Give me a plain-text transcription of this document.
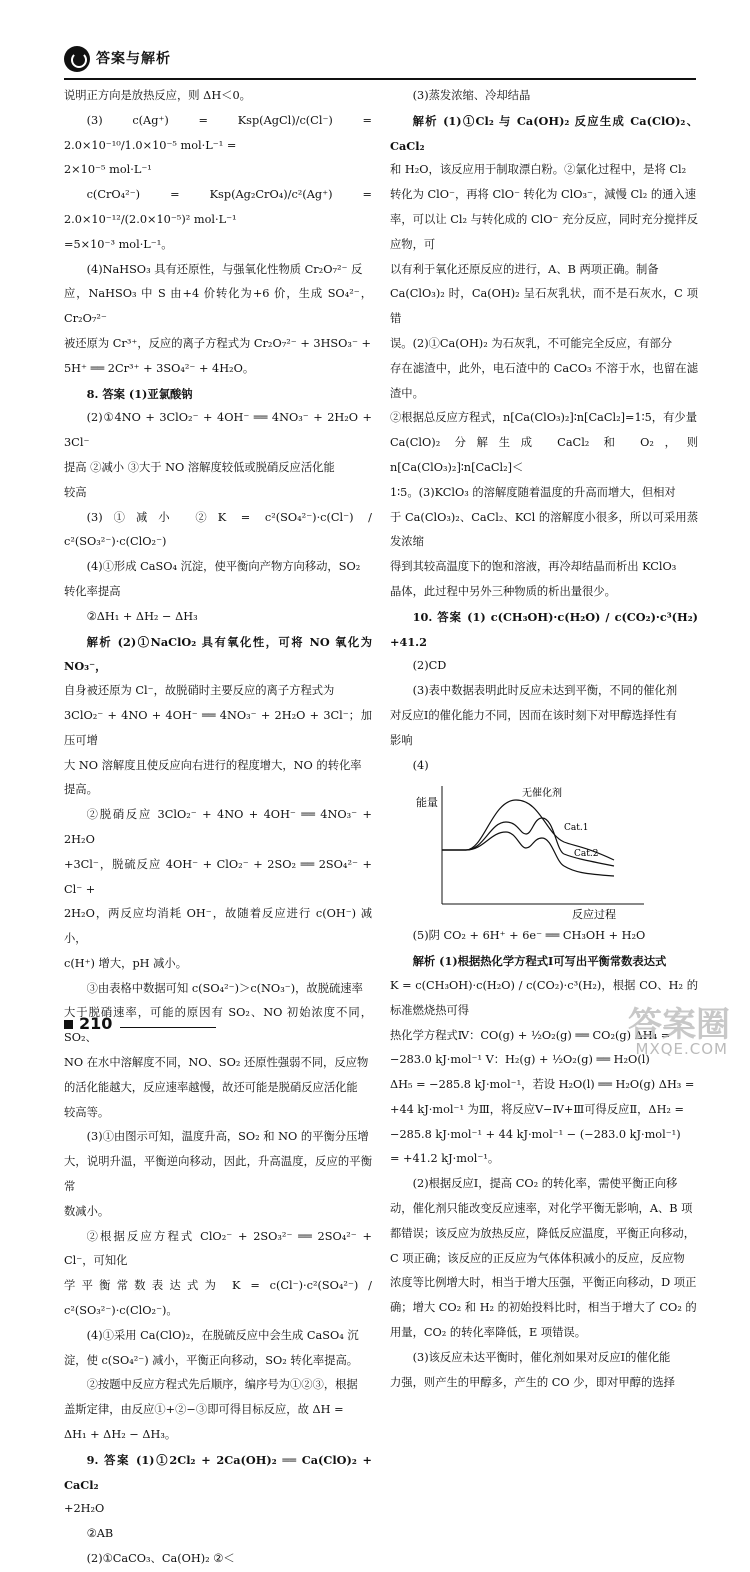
答案与解析

说明正方向是放热反应，则 ΔH＜0。

(3) c(Ag⁺) = Ksp(AgCl)/c(Cl⁻) = 2.0×10⁻¹⁰/1.0×10⁻⁵ mol·L⁻¹ =

2×10⁻⁵ mol·L⁻¹

c(CrO₄²⁻) = Ksp(Ag₂CrO₄)/c²(Ag⁺) = 2.0×10⁻¹²/(2.0×10⁻⁵)² mol·L⁻¹

=5×10⁻³ mol·L⁻¹。

(4)NaHSO₃ 具有还原性，与强氧化性物质 Cr₂O₇²⁻ 反

应，NaHSO₃ 中 S 由+4 价转化为+6 价，生成 SO₄²⁻，Cr₂O₇²⁻

被还原为 Cr³⁺，反应的离子方程式为 Cr₂O₇²⁻ + 3HSO₃⁻ +

5H⁺ ══ 2Cr³⁺ + 3SO₄²⁻ + 4H₂O。

8. 答案 (1)亚氯酸钠

(2)①4NO + 3ClO₂⁻ + 4OH⁻ ══ 4NO₃⁻ + 2H₂O + 3Cl⁻

提高 ②减小 ③大于 NO 溶解度较低或脱硝反应活化能

较高

(3)①减小 ②K = c²(SO₄²⁻)·c(Cl⁻) / c²(SO₃²⁻)·c(ClO₂⁻)

(4)①形成 CaSO₄ 沉淀，使平衡向产物方向移动，SO₂

转化率提高

②ΔH₁ + ΔH₂ − ΔH₃

解析 (2)①NaClO₂ 具有氧化性，可将 NO 氧化为 NO₃⁻，

自身被还原为 Cl⁻，故脱硝时主要反应的离子方程式为

3ClO₂⁻ + 4NO + 4OH⁻ ══ 4NO₃⁻ + 2H₂O + 3Cl⁻；加压可增

大 NO 溶解度且使反应向右进行的程度增大，NO 的转化率

提高。

②脱硝反应 3ClO₂⁻ + 4NO + 4OH⁻ ══ 4NO₃⁻ + 2H₂O

+3Cl⁻，脱硫反应 4OH⁻ + ClO₂⁻ + 2SO₂ ══ 2SO₄²⁻ + Cl⁻ +

2H₂O，两反应均消耗 OH⁻，故随着反应进行 c(OH⁻) 减小，

c(H⁺) 增大，pH 减小。

③由表格中数据可知 c(SO₄²⁻)＞c(NO₃⁻)，故脱硫速率

大于脱硝速率，可能的原因有 SO₂、NO 初始浓度不同，SO₂、

NO 在水中溶解度不同，NO、SO₂ 还原性强弱不同，反应物

的活化能越大，反应速率越慢，故还可能是脱硝反应活化能

较高等。

(3)①由图示可知，温度升高，SO₂ 和 NO 的平衡分压增

大，说明升温，平衡逆向移动，因此，升高温度，反应的平衡常

数减小。

②根据反应方程式 ClO₂⁻ + 2SO₃²⁻ ══ 2SO₄²⁻ + Cl⁻，可知化

学平衡常数表达式为 K = c(Cl⁻)·c²(SO₄²⁻) / c²(SO₃²⁻)·c(ClO₂⁻)。

(4)①采用 Ca(ClO)₂，在脱硫反应中会生成 CaSO₄ 沉

淀，使 c(SO₄²⁻) 减小，平衡正向移动，SO₂ 转化率提高。

②按题中反应方程式先后顺序，编序号为①②③，根据

盖斯定律，由反应①+②−③即可得目标反应，故 ΔH =

ΔH₁ + ΔH₂ − ΔH₃。

9. 答案 (1)①2Cl₂ + 2Ca(OH)₂ ══ Ca(ClO)₂ + CaCl₂

+2H₂O

②AB

(2)①CaCO₃、Ca(OH)₂ ②＜

(3)蒸发浓缩、冷却结晶

解析 (1)①Cl₂ 与 Ca(OH)₂ 反应生成 Ca(ClO)₂、CaCl₂

和 H₂O，该反应用于制取漂白粉。②氯化过程中，是将 Cl₂

转化为 ClO⁻，再将 ClO⁻ 转化为 ClO₃⁻，減慢 Cl₂ 的通入速

率，可以让 Cl₂ 与转化成的 ClO⁻ 充分反应，同时充分搅拌反应物，可

以有利于氧化还原反应的进行，A、B 两项正确。制备

Ca(ClO₃)₂ 时，Ca(OH)₂ 呈石灰乳状，而不是石灰水，C 项错

误。(2)①Ca(OH)₂ 为石灰乳，不可能完全反应，有部分

存在滤渣中，此外，电石渣中的 CaCO₃ 不溶于水，也留在滤渣中。

②根据总反应方程式，n[Ca(ClO₃)₂]∶n[CaCl₂]=1∶5，有少量

Ca(ClO)₂ 分解生成 CaCl₂ 和 O₂，则 n[Ca(ClO₃)₂]∶n[CaCl₂]＜

1∶5。(3)KClO₃ 的溶解度随着温度的升高而增大，但相对

于 Ca(ClO₃)₂、CaCl₂、KCl 的溶解度小很多，所以可采用蒸发浓缩

得到其较高温度下的饱和溶液，再冷却结晶而析出 KClO₃

晶体，此过程中另外三种物质的析出量很少。

10. 答案 (1) c(CH₃OH)·c(H₂O) / c(CO₂)·c³(H₂) +41.2

(2)CD

(3)表中数据表明此时反应未达到平衡，不同的催化剂

对反应Ⅰ的催化能力不同，因而在该时刻下对甲醇选择性有

影响

(4)

能量
反应过程
无催化剂
Cat.1
Cat.2

(5)阴 CO₂ + 6H⁺ + 6e⁻ ══ CH₃OH + H₂O

解析 (1)根据热化学方程式Ⅰ可写出平衡常数表达式

K = c(CH₃OH)·c(H₂O) / c(CO₂)·c³(H₂)，根据 CO、H₂ 的标准燃烧热可得

热化学方程式Ⅳ：CO(g) + ½O₂(g) ══ CO₂(g) ΔH₄ =

−283.0 kJ·mol⁻¹ Ⅴ：H₂(g) + ½O₂(g) ══ H₂O(l)

ΔH₅ = −285.8 kJ·mol⁻¹，若设 H₂O(l) ══ H₂O(g) ΔH₃ =

+44 kJ·mol⁻¹ 为Ⅲ，将反应Ⅴ−Ⅳ+Ⅲ可得反应Ⅱ，ΔH₂ =

−285.8 kJ·mol⁻¹ + 44 kJ·mol⁻¹ − (−283.0 kJ·mol⁻¹)

= +41.2 kJ·mol⁻¹。

(2)根据反应Ⅰ，提高 CO₂ 的转化率，需使平衡正向移

动，催化剂只能改变反应速率，对化学平衡无影响，A、B 项

都错误；该反应为放热反应，降低反应温度，平衡正向移动，

C 项正确；该反应的正反应为气体体积减小的反应，反应物

浓度等比例增大时，相当于增大压强，平衡正向移动，D 项正

确；增大 CO₂ 和 H₂ 的初始投料比时，相当于增大了 CO₂ 的

用量，CO₂ 的转化率降低，E 项错误。

(3)该反应未达平衡时，催化剂如果对反应Ⅰ的催化能

力强，则产生的甲醇多，产生的 CO 少，即对甲醇的选择

210	答案圈
MXQE.COM
